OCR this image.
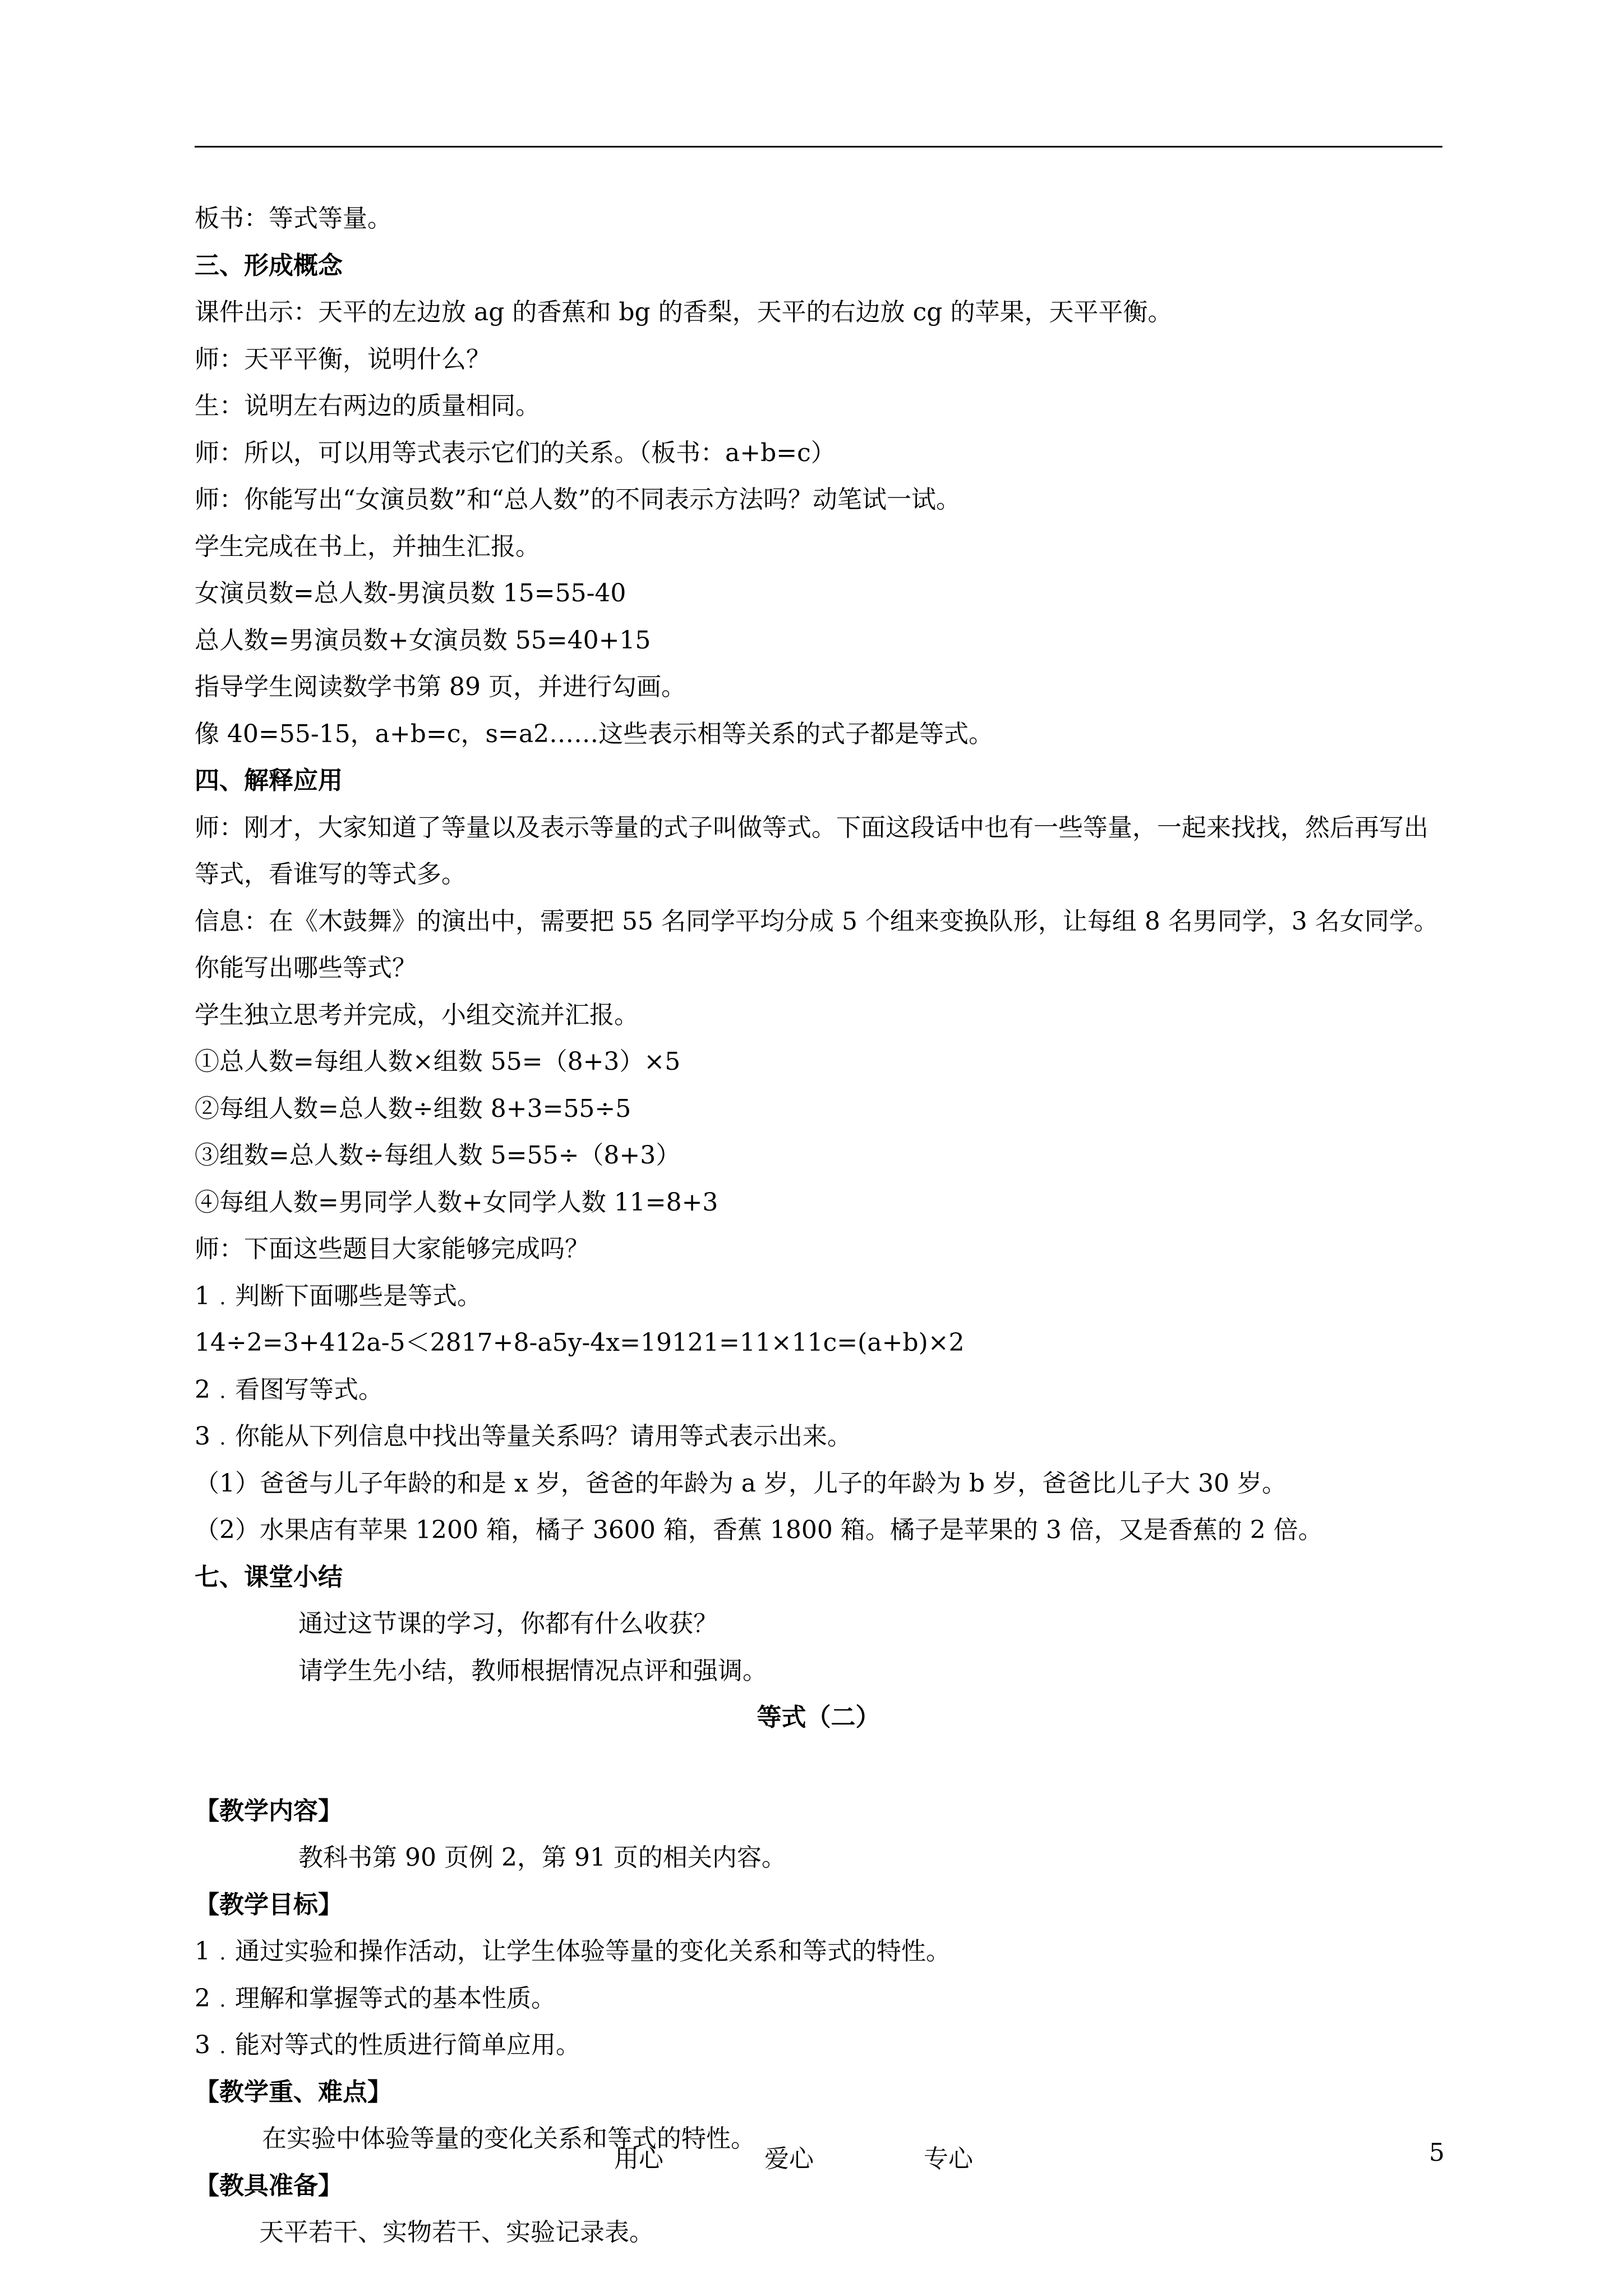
板书：等式等量。
三、形成概念
课件出示：天平的左边放 ag 的香蕉和 bg 的香梨，天平的右边放 cg 的苹果，天平平衡。
师：天平平衡，说明什么？
生：说明左右两边的质量相同。
师：所以，可以用等式表示它们的关系。（板书：a+b=c）
师：你能写出“女演员数”和“总人数”的不同表示方法吗？动笔试一试。
学生完成在书上，并抽生汇报。
女演员数=总人数-男演员数 15=55-40
总人数=男演员数+女演员数 55=40+15
指导学生阅读数学书第 89 页，并进行勾画。
像 40=55-15，a+b=c，s=a2……这些表示相等关系的式子都是等式。
四、解释应用
师：刚才，大家知道了等量以及表示等量的式子叫做等式。下面这段话中也有一些等量，一起来找找，然后再写出等式，看谁写的等式多。
信息：在《木鼓舞》的演出中，需要把 55 名同学平均分成 5 个组来变换队形，让每组 8 名男同学，3 名女同学。你能写出哪些等式？
学生独立思考并完成，小组交流并汇报。
①总人数=每组人数×组数 55=（8+3）×5
②每组人数=总人数÷组数 8+3=55÷5
③组数=总人数÷每组人数 5=55÷（8+3）
④每组人数=男同学人数+女同学人数 11=8+3
师：下面这些题目大家能够完成吗？
1﹒判断下面哪些是等式。
14÷2=3+412a-5＜2817+8-a5y-4x=19121=11×11c=(a+b)×2
2﹒看图写等式。
3﹒你能从下列信息中找出等量关系吗？请用等式表示出来。
（1）爸爸与儿子年龄的和是 x 岁，爸爸的年龄为 a 岁，儿子的年龄为 b 岁，爸爸比儿子大 30 岁。
（2）水果店有苹果 1200 箱，橘子 3600 箱，香蕉 1800 箱。橘子是苹果的 3 倍，又是香蕉的 2 倍。
七、课堂小结
通过这节课的学习，你都有什么收获？
请学生先小结，教师根据情况点评和强调。
等式（二）
【教学内容】
教科书第 90 页例 2，第 91 页的相关内容。
【教学目标】
1﹒通过实验和操作活动，让学生体验等量的变化关系和等式的特性。
2﹒理解和掌握等式的基本性质。
3﹒能对等式的性质进行简单应用。
【教学重、难点】
在实验中体验等量的变化关系和等式的特性。
【教具准备】
天平若干、实物若干、实验记录表。
用心	爱心	专心	5
